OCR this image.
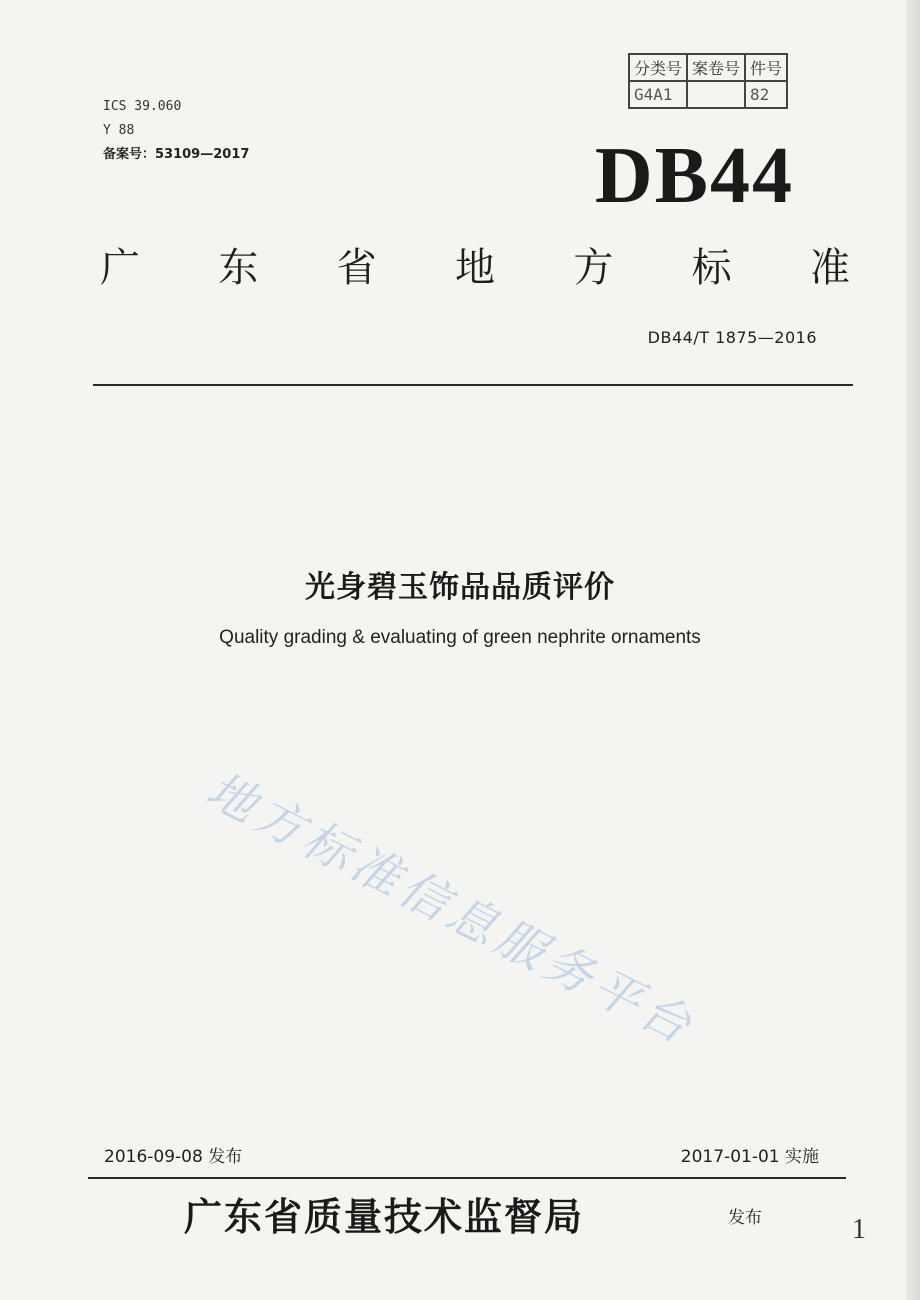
分类号	案卷号	件号
G4A1		82
ICS 39.060
Y 88
备案号：53109—2017	DB44
广 东 省 地 方 标 准
DB44/T 1875—2016
光身碧玉饰品品质评价
Quality grading & evaluating of green nephrite ornaments
地方标准信息服务平台
2016-09-08 发布	2017-01-01 实施
广东省质量技术监督局	发布	1
